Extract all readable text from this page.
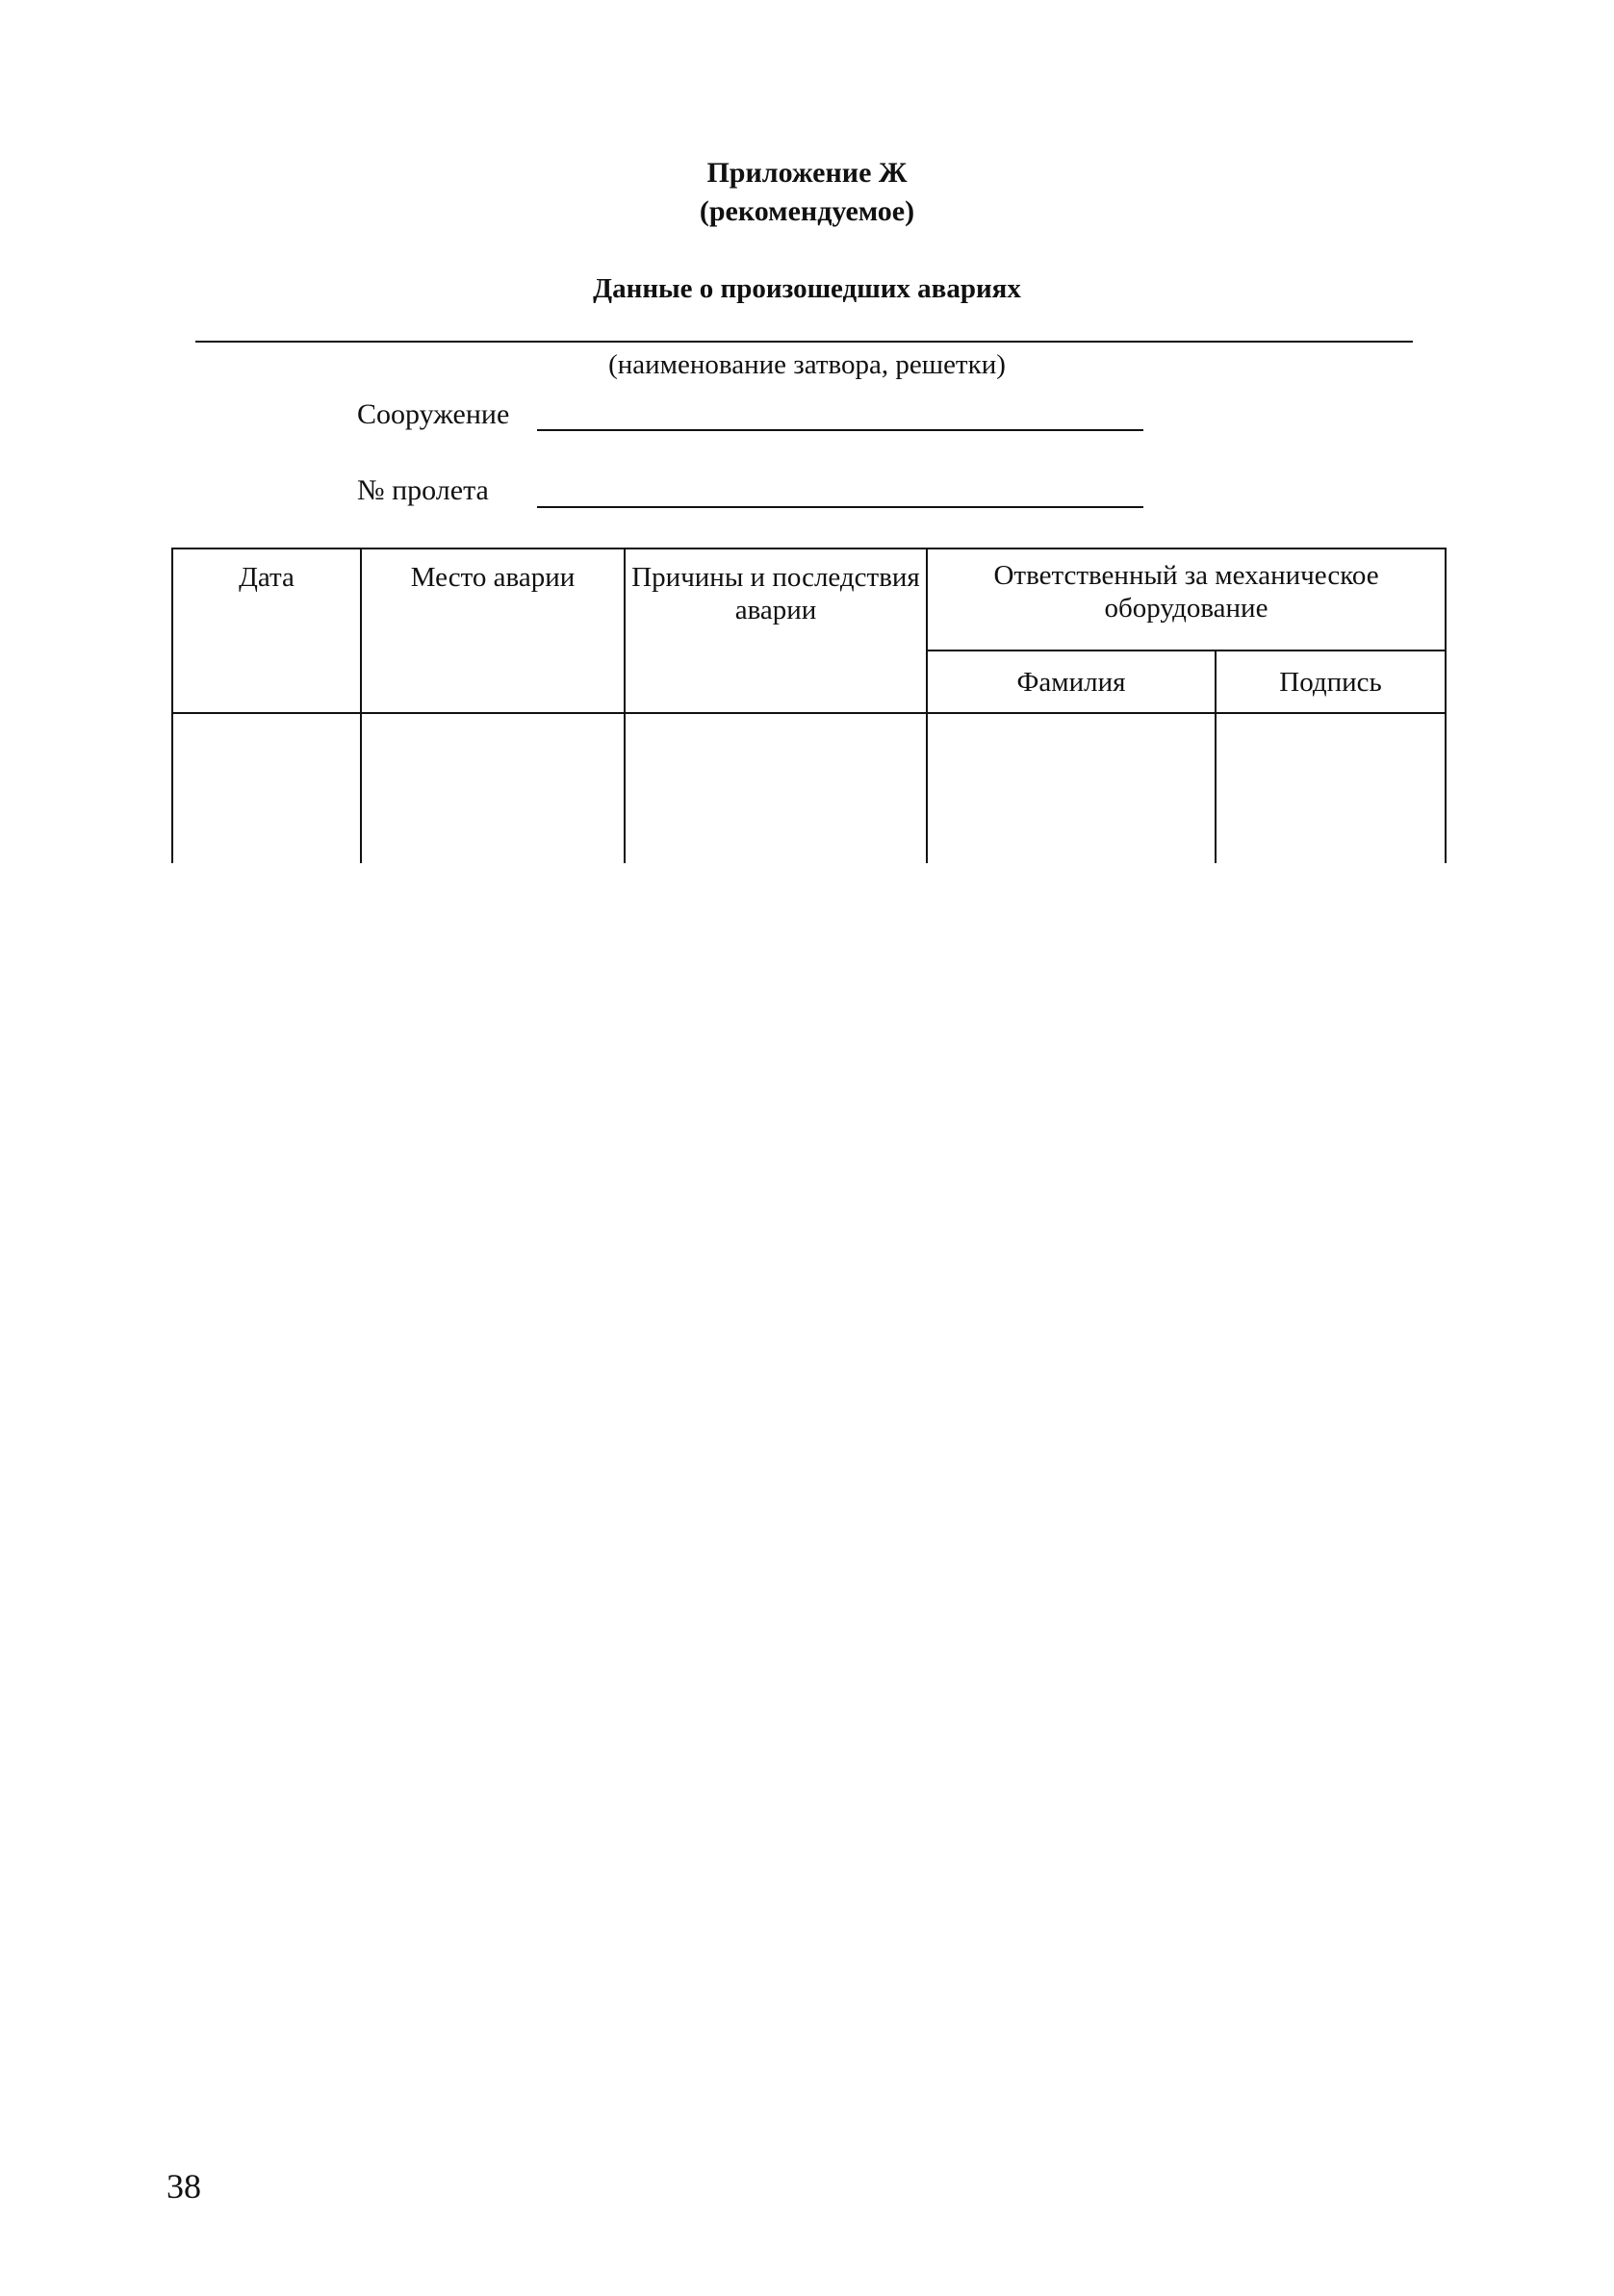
Приложение Ж
(рекомендуемое)
Данные о произошедших авариях
(наименование затвора, решетки)
Сооружение
№ пролета
Дата	Место аварии	Причины и последствия аварии	Ответственный за механическое оборудование	
			Фамилия	Подпись

38
